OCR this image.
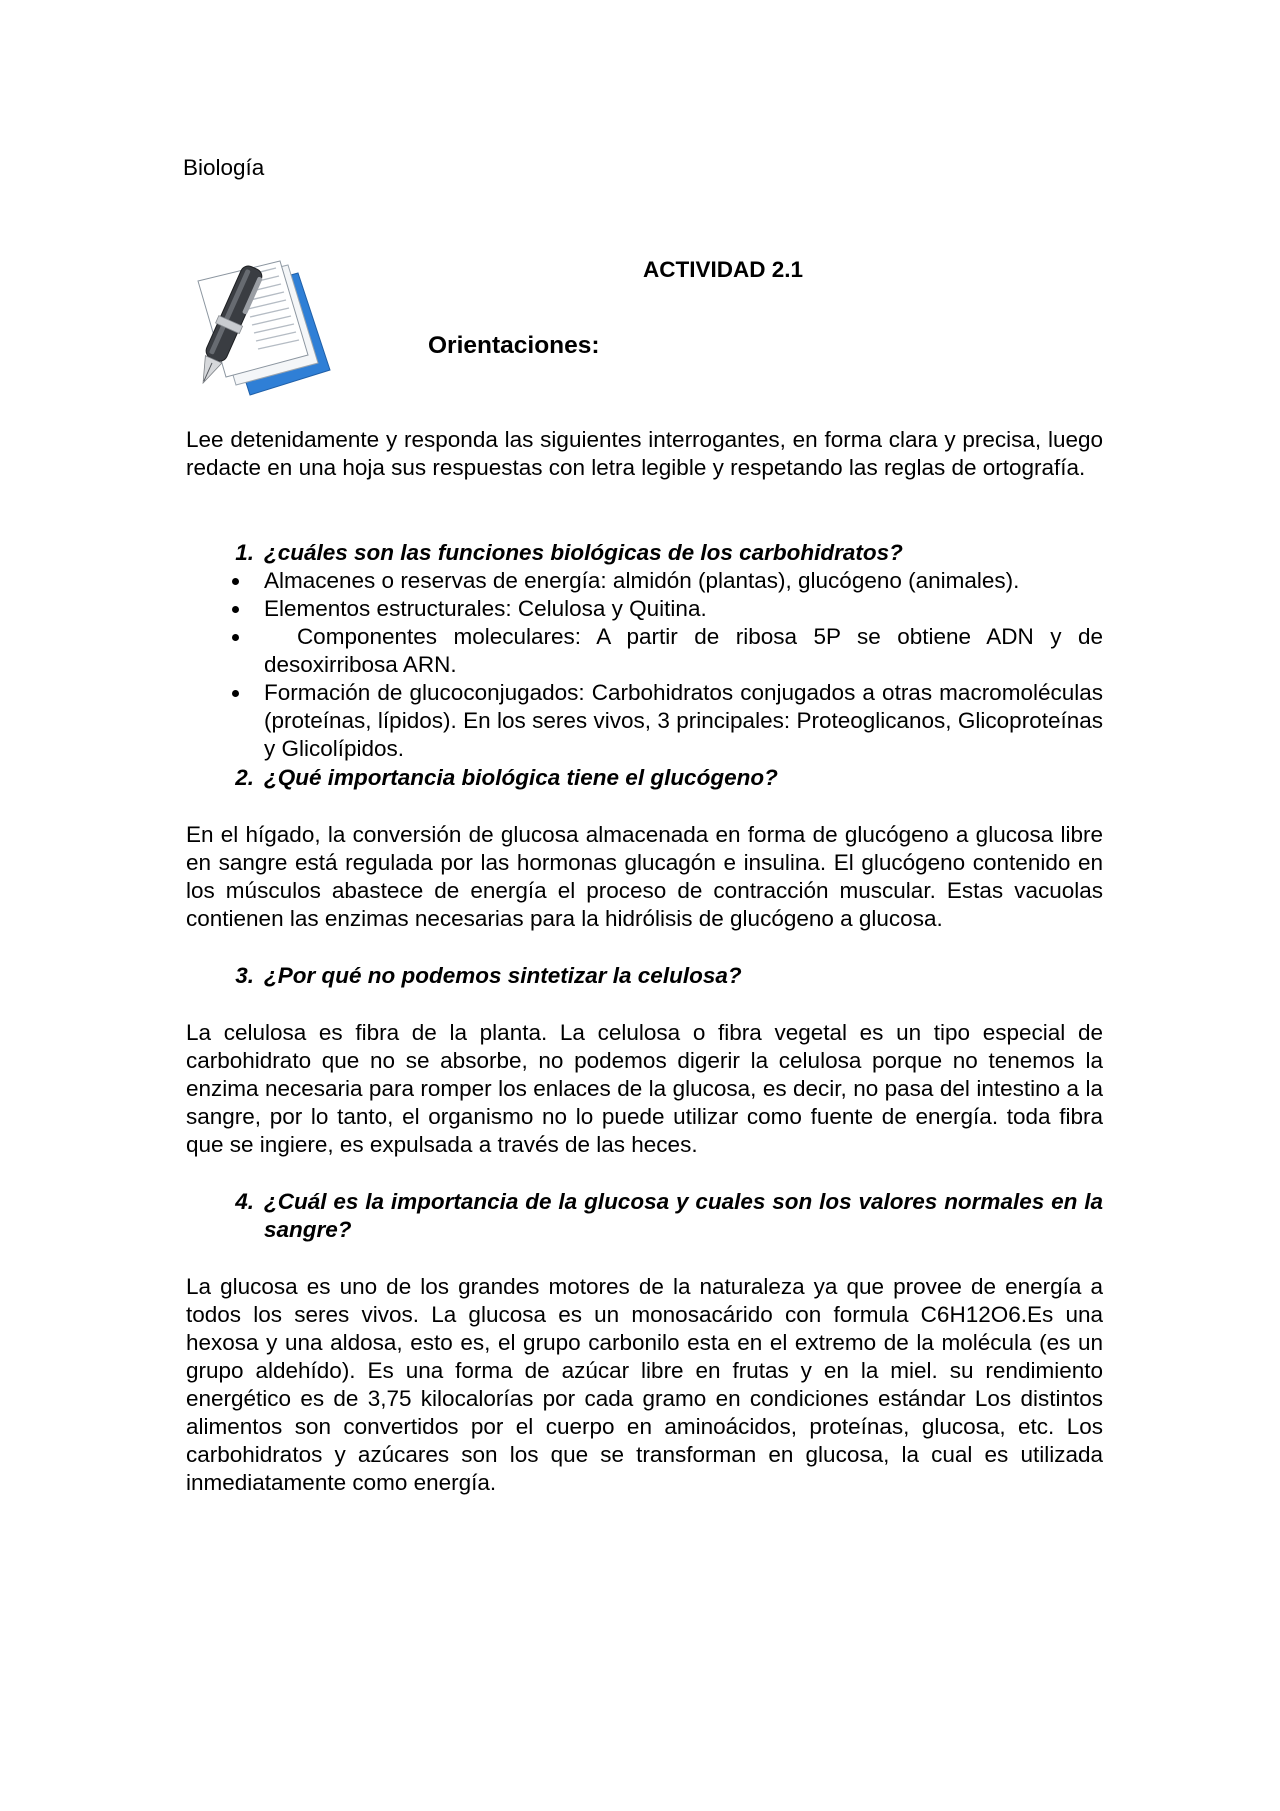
Biología
ACTIVIDAD 2.1
Orientaciones:
Lee detenidamente y responda las siguientes interrogantes, en forma clara y precisa, luego redacte en una hoja sus respuestas con letra legible y respetando las reglas de ortografía.
1. ¿cuáles son las funciones biológicas de los carbohidratos?
Almacenes o reservas de energía: almidón (plantas), glucógeno (animales).
Elementos estructurales: Celulosa y Quitina.
Componentes moleculares: A partir de ribosa 5P se obtiene ADN y de desoxirribosa ARN.
Formación de glucoconjugados: Carbohidratos conjugados a otras macromoléculas (proteínas, lípidos). En los seres vivos, 3 principales: Proteoglicanos, Glicoproteínas y Glicolípidos.
2. ¿Qué importancia biológica tiene el glucógeno?
En el hígado, la conversión de glucosa almacenada en forma de glucógeno a glucosa libre en sangre está regulada por las hormonas glucagón e insulina. El glucógeno contenido en los músculos abastece de energía el proceso de contracción muscular. Estas vacuolas contienen las enzimas necesarias para la hidrólisis de glucógeno a glucosa.
3. ¿Por qué no podemos sintetizar la celulosa?
La celulosa es fibra de la planta. La celulosa o fibra vegetal es un tipo especial de carbohidrato que no se absorbe, no podemos digerir la celulosa porque no tenemos la enzima necesaria para romper los enlaces de la glucosa, es decir, no pasa del intestino a la sangre, por lo tanto, el organismo no lo puede utilizar como fuente de energía. toda fibra que se ingiere, es expulsada a través de las heces.
4. ¿Cuál es la importancia de la glucosa y cuales son los valores normales en la sangre?
La glucosa es uno de los grandes motores de la naturaleza ya que provee de energía a todos los seres vivos. La glucosa es un monosacárido con formula C6H12O6.Es una hexosa y una aldosa, esto es, el grupo carbonilo esta en el extremo de la molécula (es un grupo aldehído). Es una forma de azúcar libre en frutas y en la miel. su rendimiento energético es de 3,75 kilocalorías por cada gramo en condiciones estándar Los distintos alimentos son convertidos por el cuerpo en aminoácidos, proteínas, glucosa, etc. Los carbohidratos y azúcares son los que se transforman en glucosa, la cual es utilizada inmediatamente como energía.
